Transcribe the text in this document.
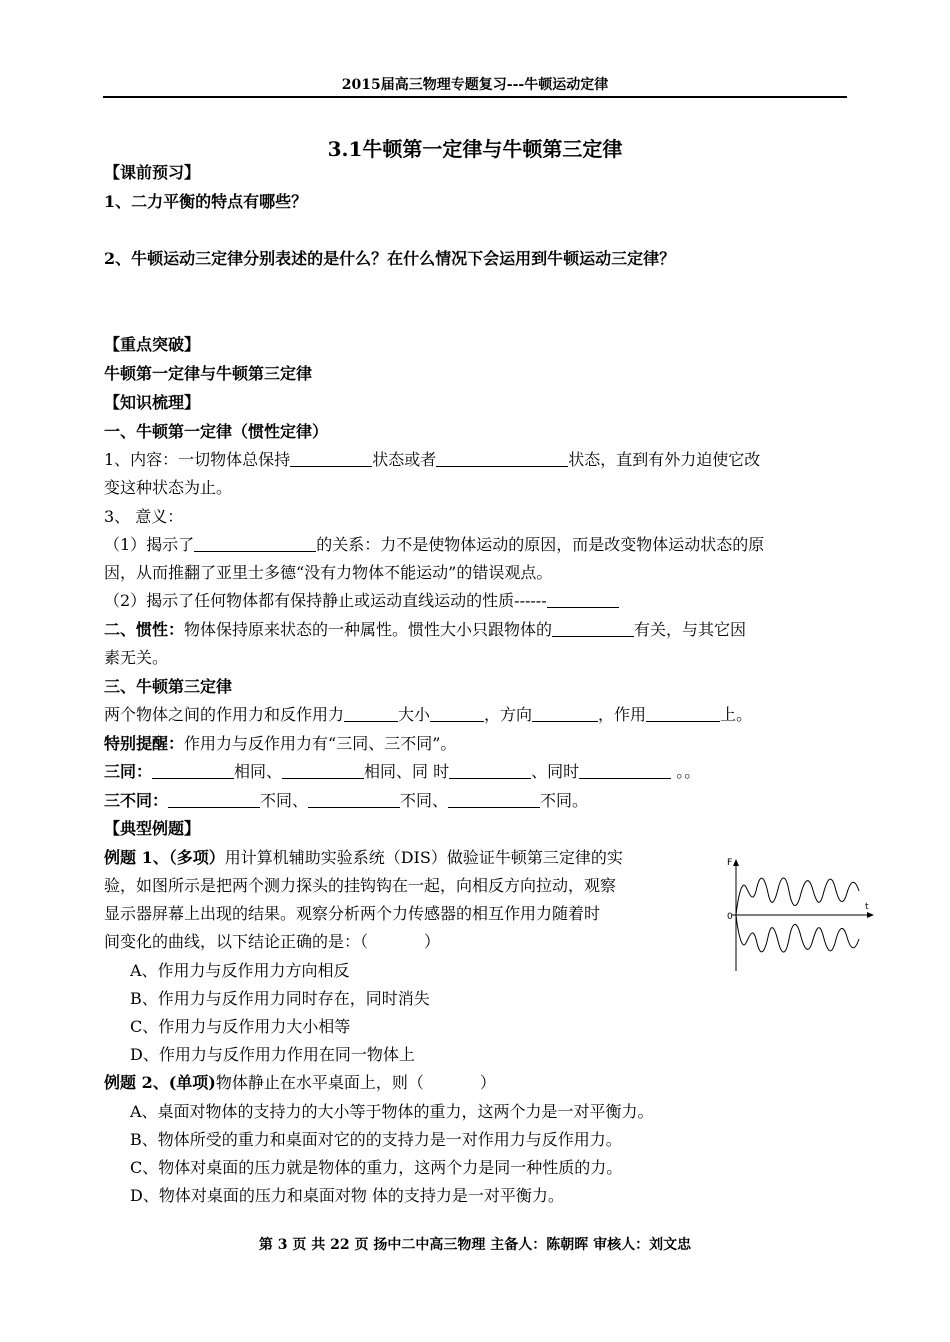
2015届高三物理专题复习---牛顿运动定律
3.1牛顿第一定律与牛顿第三定律
【课前预习】
1、二力平衡的特点有哪些？
2、牛顿运动三定律分别表述的是什么？在什么情况下会运用到牛顿运动三定律？
【重点突破】
牛顿第一定律与牛顿第三定律
【知识梳理】
一、牛顿第一定律（惯性定律）
1、内容：一切物体总保持	状态或者	状态，直到有外力迫使它改
变这种状态为止。
3、 意义：
（1）揭示了	的关系：力不是使物体运动的原因，而是改变物体运动状态的原
因，从而推翻了亚里士多德“没有力物体不能运动”的错误观点。
（2）揭示了任何物体都有保持静止或运动直线运动的性质------
二、惯性：物体保持原来状态的一种属性。惯性大小只跟物体的	有关，与其它因
素无关。
三、牛顿第三定律
两个物体之间的作用力和反作用力	大小	，方向	，作用	上。
特别提醒：作用力与反作用力有“三同、三不同”。
三同：	相同、	相同、同 时	、同时	。。
三不同：	不同、	不同、	不同。
【典型例题】
例题 1、（多项）用计算机辅助实验系统（DIS）做验证牛顿第三定律的实
验，如图所示是把两个测力探头的挂钩钩在一起，向相反方向拉动，观察
显示器屏幕上出现的结果。观察分析两个力传感器的相互作用力随着时
间变化的曲线，以下结论正确的是：（	）
A、作用力与反作用力方向相反
B、作用力与反作用力同时存在，同时消失
C、作用力与反作用力大小相等
D、作用力与反作用力作用在同一物体上
例题 2、(单项)物体静止在水平桌面上，则（	）
A、桌面对物体的支持力的大小等于物体的重力，这两个力是一对平衡力。
B、物体所受的重力和桌面对它的的支持力是一对作用力与反作用力。
C、物体对桌面的压力就是物体的重力，这两个力是同一种性质的力。
D、物体对桌面的压力和桌面对物 体的支持力是一对平衡力。
F
t
0
第 3 页 共 22 页 扬中二中高三物理 主备人：陈朝晖 审核人：刘文忠
